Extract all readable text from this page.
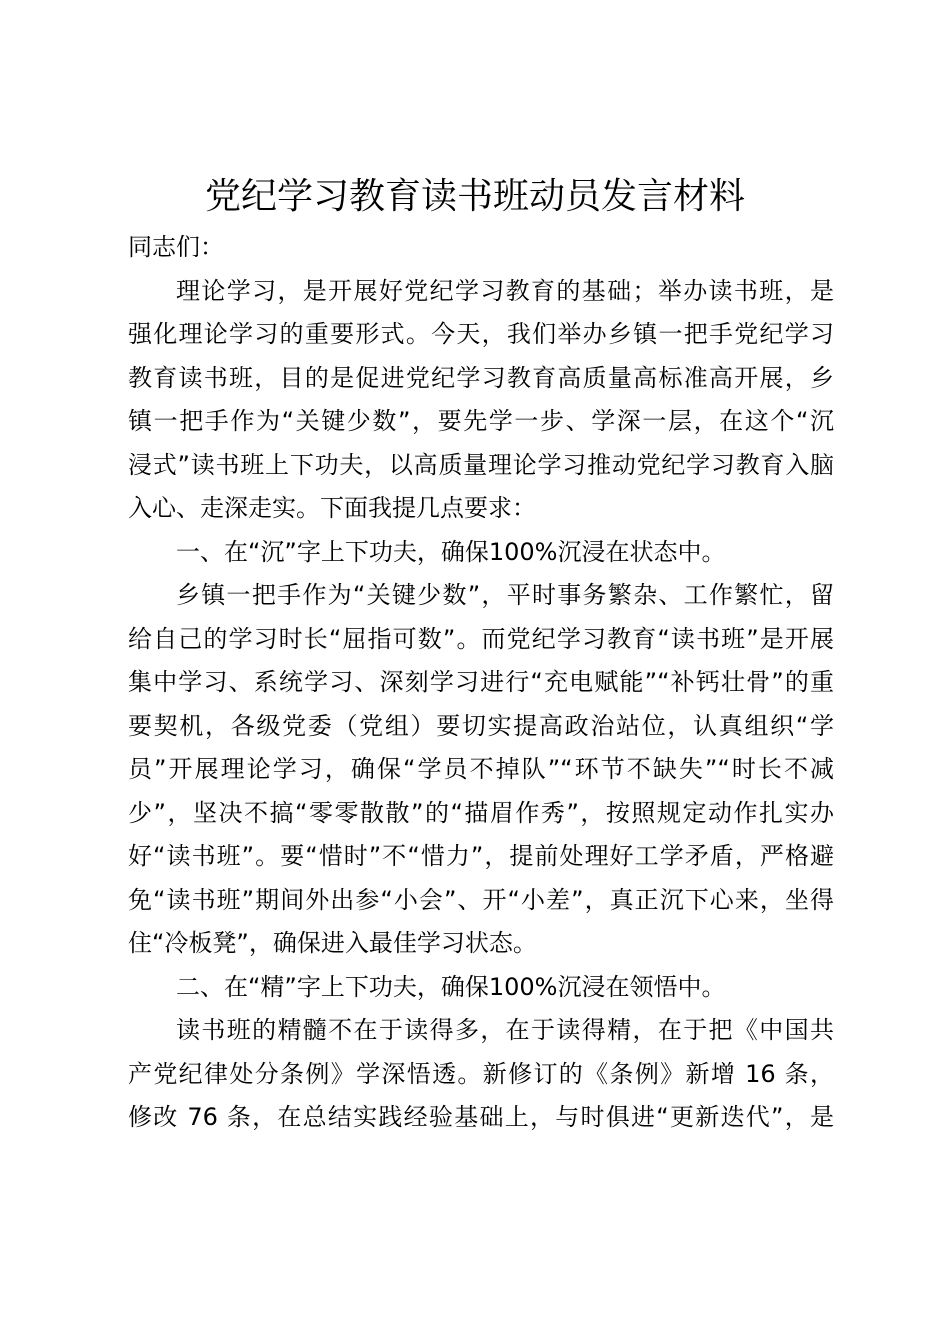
党纪学习教育读书班动员发言材料
同志们：
理论学习，是开展好党纪学习教育的基础；举办读书班，是
强化理论学习的重要形式。今天，我们举办乡镇一把手党纪学习
教育读书班，目的是促进党纪学习教育高质量高标准高开展，乡
镇一把手作为“关键少数”，要先学一步、学深一层，在这个“沉
浸式”读书班上下功夫，以高质量理论学习推动党纪学习教育入脑
入心、走深走实。下面我提几点要求：
一、在“沉”字上下功夫，确保100%沉浸在状态中。
乡镇一把手作为“关键少数”，平时事务繁杂、工作繁忙，留
给自己的学习时长“屈指可数”。而党纪学习教育“读书班”是开展
集中学习、系统学习、深刻学习进行“充电赋能”“补钙壮骨”的重
要契机，各级党委（党组）要切实提高政治站位，认真组织“学
员”开展理论学习，确保“学员不掉队”“环节不缺失”“时长不减
少”，坚决不搞“零零散散”的“描眉作秀”，按照规定动作扎实办
好“读书班”。要“惜时”不“惜力”，提前处理好工学矛盾，严格避
免“读书班”期间外出参“小会”、开“小差”，真正沉下心来，坐得
住“冷板凳”，确保进入最佳学习状态。
二、在“精”字上下功夫，确保100%沉浸在领悟中。
读书班的精髓不在于读得多，在于读得精，在于把《中国共
产党纪律处分条例》学深悟透。新修订的《条例》新增 16 条，
修改 76 条，在总结实践经验基础上，与时俱进“更新迭代”，是
